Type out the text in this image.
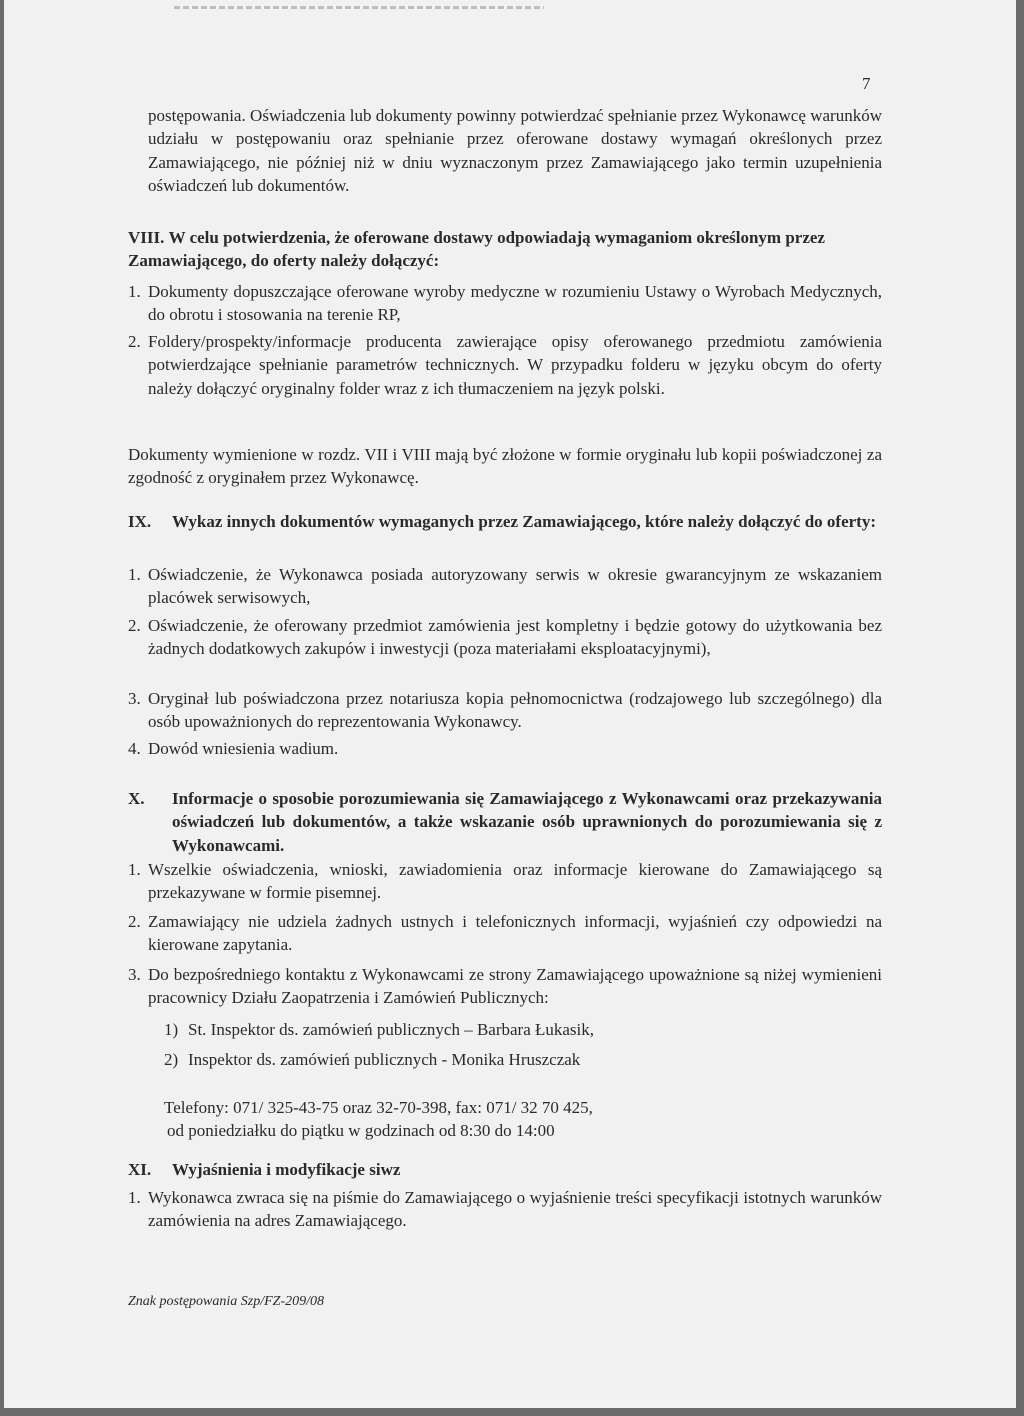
7

postępowania. Oświadczenia lub dokumenty powinny potwierdzać spełnianie przez Wykonawcę warunków udziału w postępowaniu oraz spełnianie przez oferowane dostawy wymagań określonych przez Zamawiającego, nie później niż w dniu wyznaczonym przez Zamawiającego jako termin uzupełnienia oświadczeń lub dokumentów.

VIII. W celu potwierdzenia, że oferowane dostawy odpowiadają wymaganiom określonym przez Zamawiającego, do oferty należy dołączyć:
1. Dokumenty dopuszczające oferowane wyroby medyczne w rozumieniu Ustawy o Wyrobach Medycznych, do obrotu i stosowania na terenie RP,
2. Foldery/prospekty/informacje producenta zawierające opisy oferowanego przedmiotu zamówienia potwierdzające spełnianie parametrów technicznych. W przypadku folderu w języku obcym do oferty należy dołączyć oryginalny folder wraz z ich tłumaczeniem na język polski.

Dokumenty wymienione w rozdz. VII i VIII mają być złożone w formie oryginału lub kopii poświadczonej za zgodność z oryginałem przez Wykonawcę.

IX. Wykaz innych dokumentów wymaganych przez Zamawiającego, które należy dołączyć do oferty:
1. Oświadczenie, że Wykonawca posiada autoryzowany serwis w okresie gwarancyjnym ze wskazaniem placówek serwisowych,
2. Oświadczenie, że oferowany przedmiot zamówienia jest kompletny i będzie gotowy do użytkowania bez żadnych dodatkowych zakupów i inwestycji (poza materiałami eksploatacyjnymi),
3. Oryginał lub poświadczona przez notariusza kopia pełnomocnictwa (rodzajowego lub szczególnego) dla osób upoważnionych do reprezentowania Wykonawcy.
4. Dowód wniesienia wadium.
X. Informacje o sposobie porozumiewania się Zamawiającego z Wykonawcami oraz przekazywania oświadczeń lub dokumentów, a także wskazanie osób uprawnionych do porozumiewania się z Wykonawcami.
1. Wszelkie oświadczenia, wnioski, zawiadomienia oraz informacje kierowane do Zamawiającego są przekazywane w formie pisemnej.
2. Zamawiający nie udziela żadnych ustnych i telefonicznych informacji, wyjaśnień czy odpowiedzi na kierowane zapytania.
3. Do bezpośredniego kontaktu z Wykonawcami ze strony Zamawiającego upoważnione są niżej wymienieni pracownicy Działu Zaopatrzenia i Zamówień Publicznych:
1) St. Inspektor ds. zamówień publicznych – Barbara Łukasik,
2) Inspektor ds. zamówień publicznych - Monika Hruszczak
Telefony: 071/ 325-43-75 oraz 32-70-398, fax: 071/ 32 70 425,
od poniedziałku do piątku w godzinach od 8:30 do 14:00
XI. Wyjaśnienia i modyfikacje siwz
1. Wykonawca zwraca się na piśmie do Zamawiającego o wyjaśnienie treści specyfikacji istotnych warunków zamówienia na adres Zamawiającego.
Znak postępowania Szp/FZ-209/08
